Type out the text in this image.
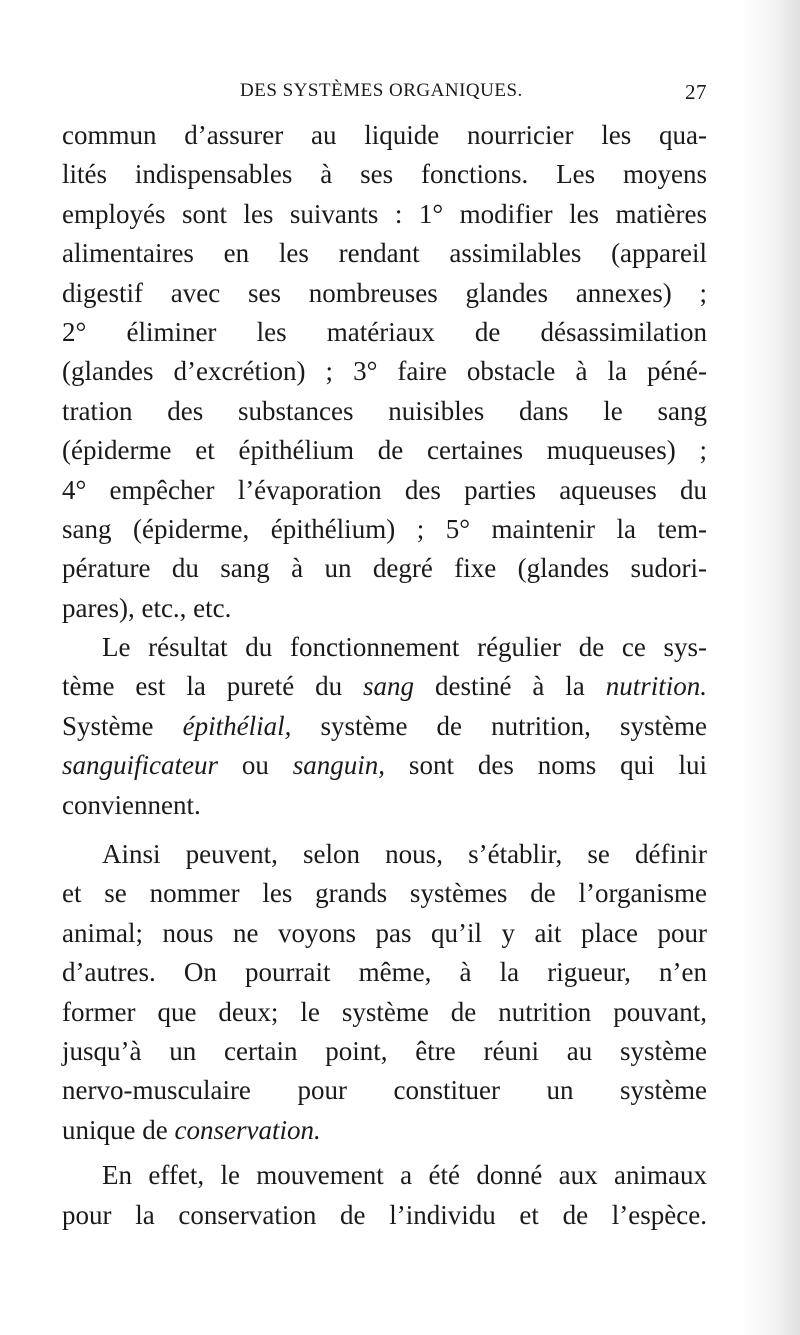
DES SYSTÈMES ORGANIQUES.	27
commun d’assurer au liquide nourricier les qua-
lités indispensables à ses fonctions. Les moyens
employés sont les suivants : 1° modifier les matières
alimentaires en les rendant assimilables (appareil
digestif avec ses nombreuses glandes annexes) ;
2° éliminer les matériaux de désassimilation
(glandes d’excrétion) ; 3° faire obstacle à la péné-
tration des substances nuisibles dans le sang
(épiderme et épithélium de certaines muqueuses) ;
4° empêcher l’évaporation des parties aqueuses du
sang (épiderme, épithélium) ; 5° maintenir la tem-
pérature du sang à un degré fixe (glandes sudori-
pares), etc., etc.
Le résultat du fonctionnement régulier de ce sys-
tème est la pureté du sang destiné à la nutrition.
Système épithélial, système de nutrition, système
sanguificateur ou sanguin, sont des noms qui lui
conviennent.
Ainsi peuvent, selon nous, s’établir, se définir
et se nommer les grands systèmes de l’organisme
animal; nous ne voyons pas qu’il y ait place pour
d’autres. On pourrait même, à la rigueur, n’en
former que deux; le système de nutrition pouvant,
jusqu’à un certain point, être réuni au système
nervo-musculaire pour constituer un système
unique de conservation.
En effet, le mouvement a été donné aux animaux
pour la conservation de l’individu et de l’espèce.
